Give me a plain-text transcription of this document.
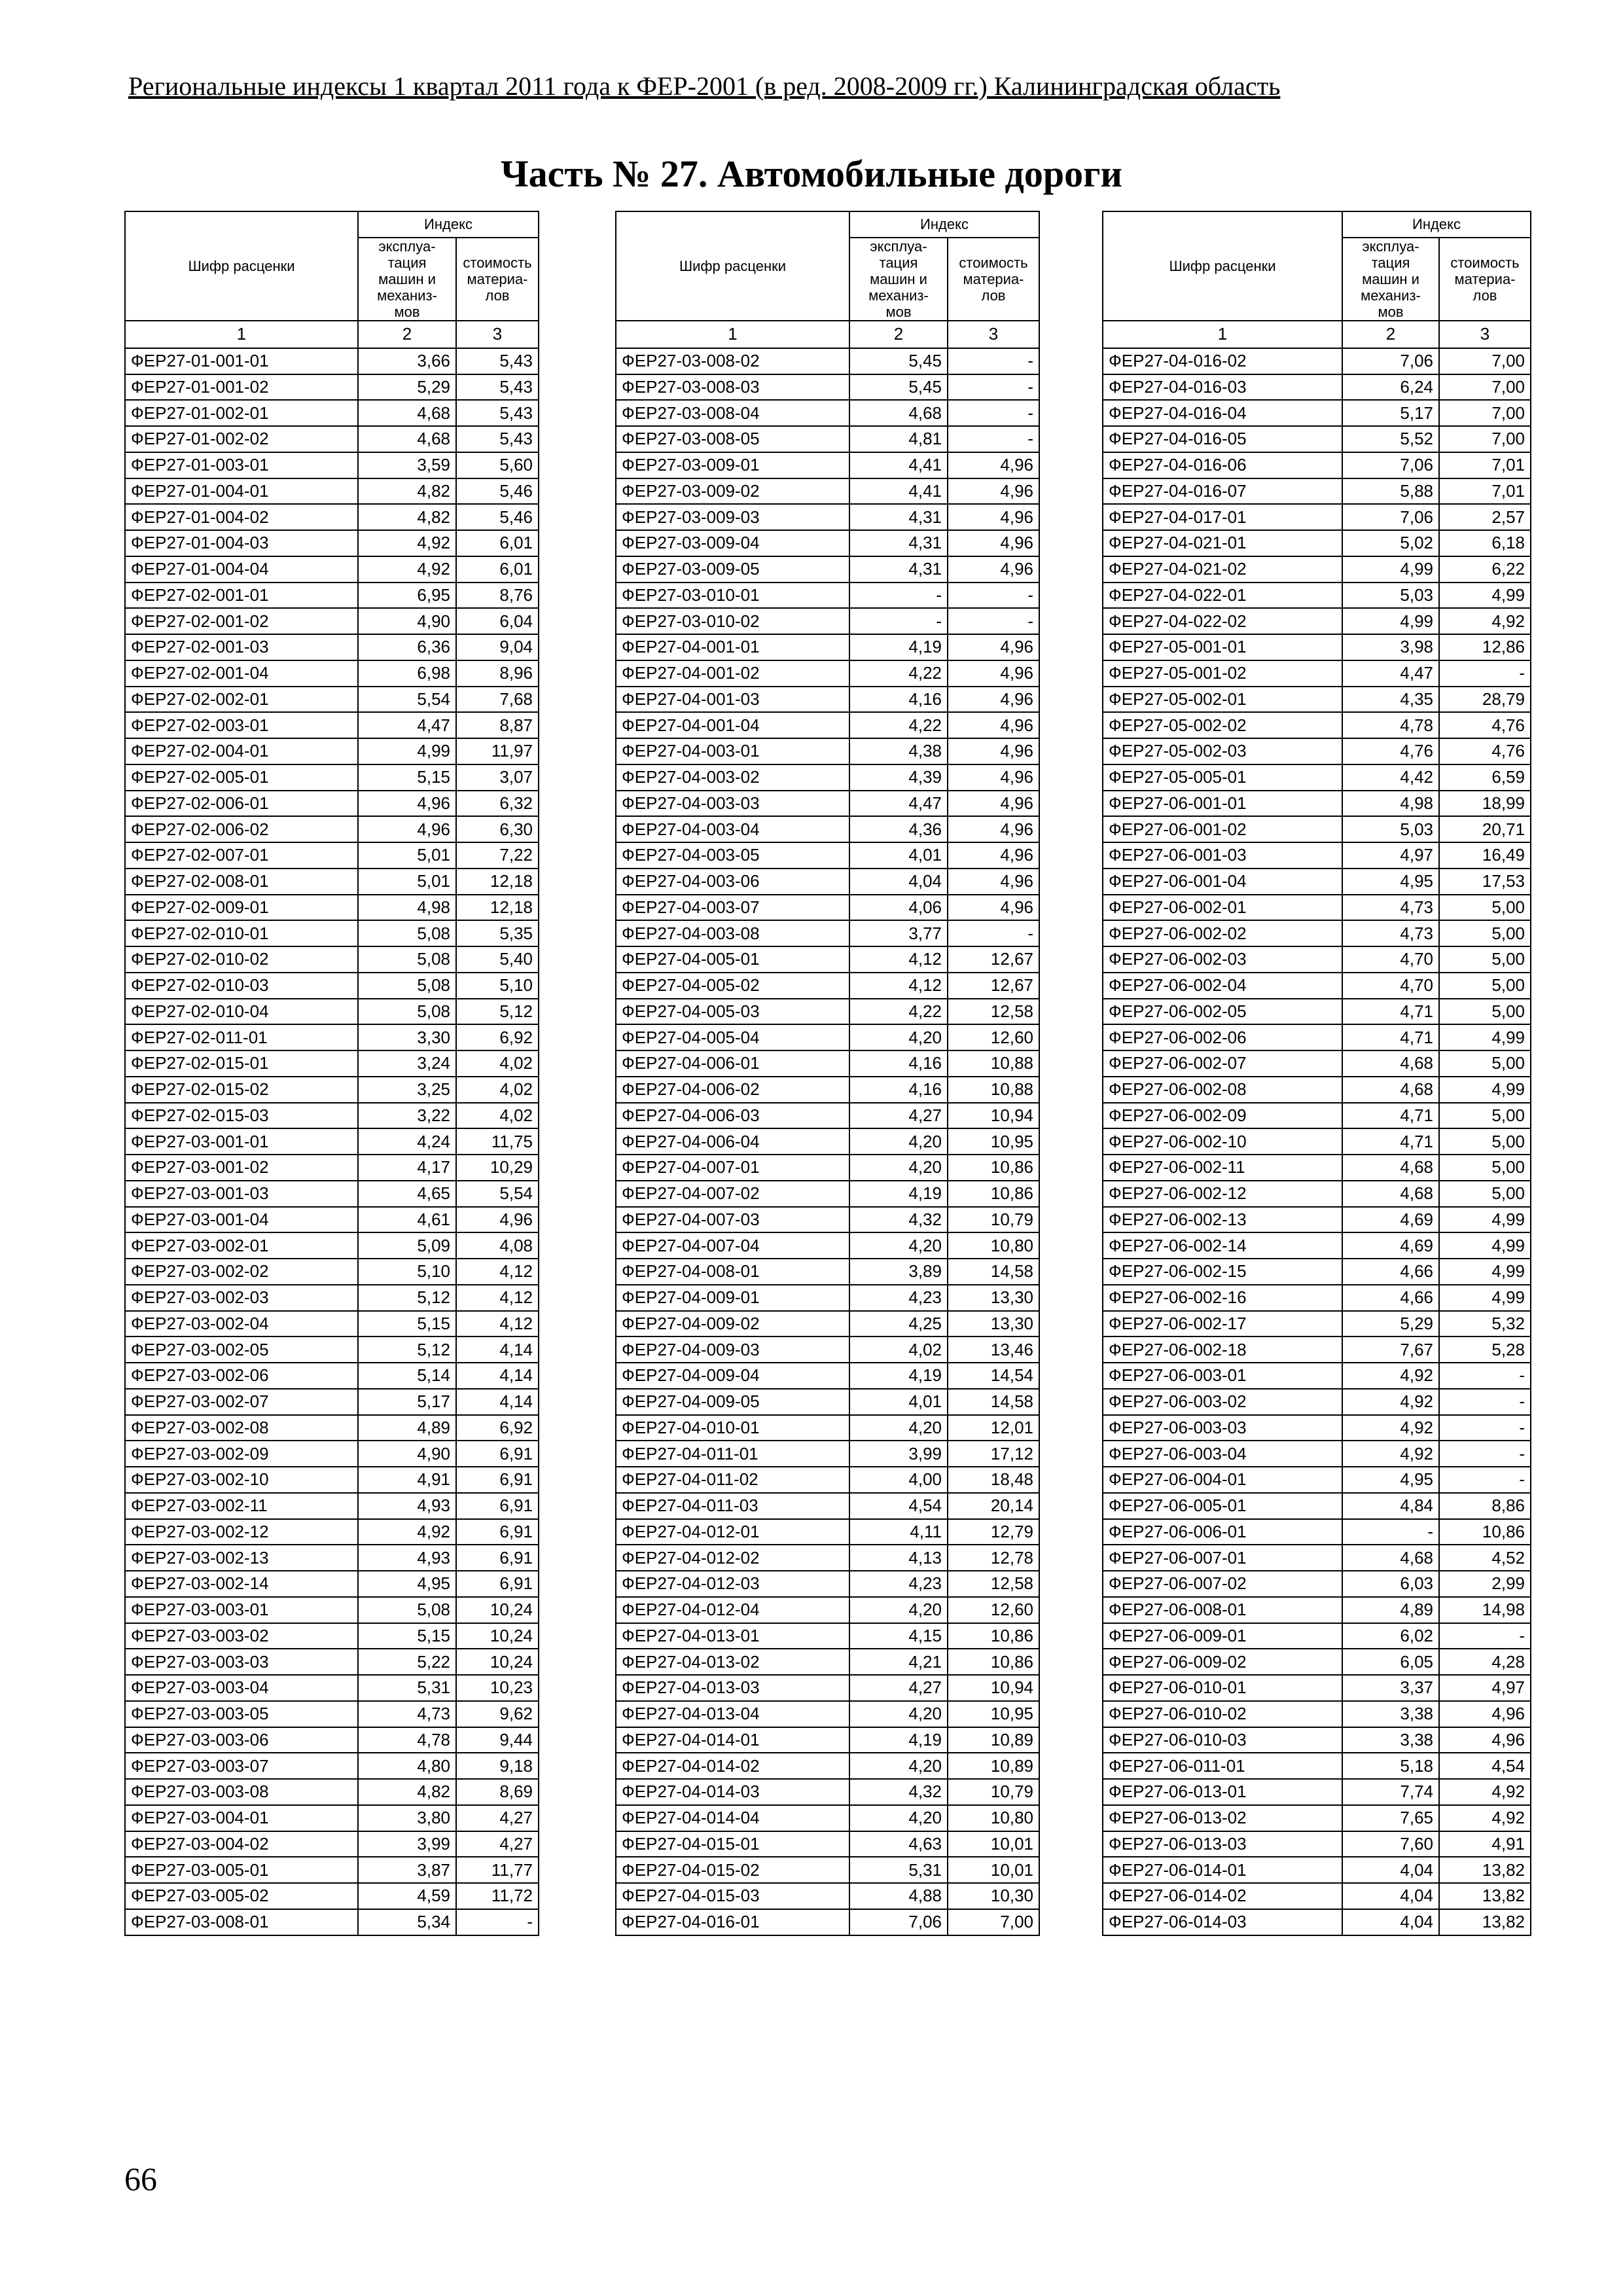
Региональные индексы 1 квартал 2011 года к ФЕР-2001 (в ред. 2008-2009 гг.) Калининградская область
Часть № 27. Автомобильные дороги
Шифр расценки	Индекс	
	эксплуа-
тация
машин и
механиз-
мов	стоимость
материа-
лов
1	2	3
ФЕР27-01-001-01	3,66	5,43
ФЕР27-01-001-02	5,29	5,43
ФЕР27-01-002-01	4,68	5,43
ФЕР27-01-002-02	4,68	5,43
ФЕР27-01-003-01	3,59	5,60
ФЕР27-01-004-01	4,82	5,46
ФЕР27-01-004-02	4,82	5,46
ФЕР27-01-004-03	4,92	6,01
ФЕР27-01-004-04	4,92	6,01
ФЕР27-02-001-01	6,95	8,76
ФЕР27-02-001-02	4,90	6,04
ФЕР27-02-001-03	6,36	9,04
ФЕР27-02-001-04	6,98	8,96
ФЕР27-02-002-01	5,54	7,68
ФЕР27-02-003-01	4,47	8,87
ФЕР27-02-004-01	4,99	11,97
ФЕР27-02-005-01	5,15	3,07
ФЕР27-02-006-01	4,96	6,32
ФЕР27-02-006-02	4,96	6,30
ФЕР27-02-007-01	5,01	7,22
ФЕР27-02-008-01	5,01	12,18
ФЕР27-02-009-01	4,98	12,18
ФЕР27-02-010-01	5,08	5,35
ФЕР27-02-010-02	5,08	5,40
ФЕР27-02-010-03	5,08	5,10
ФЕР27-02-010-04	5,08	5,12
ФЕР27-02-011-01	3,30	6,92
ФЕР27-02-015-01	3,24	4,02
ФЕР27-02-015-02	3,25	4,02
ФЕР27-02-015-03	3,22	4,02
ФЕР27-03-001-01	4,24	11,75
ФЕР27-03-001-02	4,17	10,29
ФЕР27-03-001-03	4,65	5,54
ФЕР27-03-001-04	4,61	4,96
ФЕР27-03-002-01	5,09	4,08
ФЕР27-03-002-02	5,10	4,12
ФЕР27-03-002-03	5,12	4,12
ФЕР27-03-002-04	5,15	4,12
ФЕР27-03-002-05	5,12	4,14
ФЕР27-03-002-06	5,14	4,14
ФЕР27-03-002-07	5,17	4,14
ФЕР27-03-002-08	4,89	6,92
ФЕР27-03-002-09	4,90	6,91
ФЕР27-03-002-10	4,91	6,91
ФЕР27-03-002-11	4,93	6,91
ФЕР27-03-002-12	4,92	6,91
ФЕР27-03-002-13	4,93	6,91
ФЕР27-03-002-14	4,95	6,91
ФЕР27-03-003-01	5,08	10,24
ФЕР27-03-003-02	5,15	10,24
ФЕР27-03-003-03	5,22	10,24
ФЕР27-03-003-04	5,31	10,23
ФЕР27-03-003-05	4,73	9,62
ФЕР27-03-003-06	4,78	9,44
ФЕР27-03-003-07	4,80	9,18
ФЕР27-03-003-08	4,82	8,69
ФЕР27-03-004-01	3,80	4,27
ФЕР27-03-004-02	3,99	4,27
ФЕР27-03-005-01	3,87	11,77
ФЕР27-03-005-02	4,59	11,72
ФЕР27-03-008-01	5,34	-
Шифр расценки	Индекс	
	эксплуа-
тация
машин и
механиз-
мов	стоимость
материа-
лов
1	2	3
ФЕР27-03-008-02	5,45	-
ФЕР27-03-008-03	5,45	-
ФЕР27-03-008-04	4,68	-
ФЕР27-03-008-05	4,81	-
ФЕР27-03-009-01	4,41	4,96
ФЕР27-03-009-02	4,41	4,96
ФЕР27-03-009-03	4,31	4,96
ФЕР27-03-009-04	4,31	4,96
ФЕР27-03-009-05	4,31	4,96
ФЕР27-03-010-01	-	-
ФЕР27-03-010-02	-	-
ФЕР27-04-001-01	4,19	4,96
ФЕР27-04-001-02	4,22	4,96
ФЕР27-04-001-03	4,16	4,96
ФЕР27-04-001-04	4,22	4,96
ФЕР27-04-003-01	4,38	4,96
ФЕР27-04-003-02	4,39	4,96
ФЕР27-04-003-03	4,47	4,96
ФЕР27-04-003-04	4,36	4,96
ФЕР27-04-003-05	4,01	4,96
ФЕР27-04-003-06	4,04	4,96
ФЕР27-04-003-07	4,06	4,96
ФЕР27-04-003-08	3,77	-
ФЕР27-04-005-01	4,12	12,67
ФЕР27-04-005-02	4,12	12,67
ФЕР27-04-005-03	4,22	12,58
ФЕР27-04-005-04	4,20	12,60
ФЕР27-04-006-01	4,16	10,88
ФЕР27-04-006-02	4,16	10,88
ФЕР27-04-006-03	4,27	10,94
ФЕР27-04-006-04	4,20	10,95
ФЕР27-04-007-01	4,20	10,86
ФЕР27-04-007-02	4,19	10,86
ФЕР27-04-007-03	4,32	10,79
ФЕР27-04-007-04	4,20	10,80
ФЕР27-04-008-01	3,89	14,58
ФЕР27-04-009-01	4,23	13,30
ФЕР27-04-009-02	4,25	13,30
ФЕР27-04-009-03	4,02	13,46
ФЕР27-04-009-04	4,19	14,54
ФЕР27-04-009-05	4,01	14,58
ФЕР27-04-010-01	4,20	12,01
ФЕР27-04-011-01	3,99	17,12
ФЕР27-04-011-02	4,00	18,48
ФЕР27-04-011-03	4,54	20,14
ФЕР27-04-012-01	4,11	12,79
ФЕР27-04-012-02	4,13	12,78
ФЕР27-04-012-03	4,23	12,58
ФЕР27-04-012-04	4,20	12,60
ФЕР27-04-013-01	4,15	10,86
ФЕР27-04-013-02	4,21	10,86
ФЕР27-04-013-03	4,27	10,94
ФЕР27-04-013-04	4,20	10,95
ФЕР27-04-014-01	4,19	10,89
ФЕР27-04-014-02	4,20	10,89
ФЕР27-04-014-03	4,32	10,79
ФЕР27-04-014-04	4,20	10,80
ФЕР27-04-015-01	4,63	10,01
ФЕР27-04-015-02	5,31	10,01
ФЕР27-04-015-03	4,88	10,30
ФЕР27-04-016-01	7,06	7,00
Шифр расценки	Индекс	
	эксплуа-
тация
машин и
механиз-
мов	стоимость
материа-
лов
1	2	3
ФЕР27-04-016-02	7,06	7,00
ФЕР27-04-016-03	6,24	7,00
ФЕР27-04-016-04	5,17	7,00
ФЕР27-04-016-05	5,52	7,00
ФЕР27-04-016-06	7,06	7,01
ФЕР27-04-016-07	5,88	7,01
ФЕР27-04-017-01	7,06	2,57
ФЕР27-04-021-01	5,02	6,18
ФЕР27-04-021-02	4,99	6,22
ФЕР27-04-022-01	5,03	4,99
ФЕР27-04-022-02	4,99	4,92
ФЕР27-05-001-01	3,98	12,86
ФЕР27-05-001-02	4,47	-
ФЕР27-05-002-01	4,35	28,79
ФЕР27-05-002-02	4,78	4,76
ФЕР27-05-002-03	4,76	4,76
ФЕР27-05-005-01	4,42	6,59
ФЕР27-06-001-01	4,98	18,99
ФЕР27-06-001-02	5,03	20,71
ФЕР27-06-001-03	4,97	16,49
ФЕР27-06-001-04	4,95	17,53
ФЕР27-06-002-01	4,73	5,00
ФЕР27-06-002-02	4,73	5,00
ФЕР27-06-002-03	4,70	5,00
ФЕР27-06-002-04	4,70	5,00
ФЕР27-06-002-05	4,71	5,00
ФЕР27-06-002-06	4,71	4,99
ФЕР27-06-002-07	4,68	5,00
ФЕР27-06-002-08	4,68	4,99
ФЕР27-06-002-09	4,71	5,00
ФЕР27-06-002-10	4,71	5,00
ФЕР27-06-002-11	4,68	5,00
ФЕР27-06-002-12	4,68	5,00
ФЕР27-06-002-13	4,69	4,99
ФЕР27-06-002-14	4,69	4,99
ФЕР27-06-002-15	4,66	4,99
ФЕР27-06-002-16	4,66	4,99
ФЕР27-06-002-17	5,29	5,32
ФЕР27-06-002-18	7,67	5,28
ФЕР27-06-003-01	4,92	-
ФЕР27-06-003-02	4,92	-
ФЕР27-06-003-03	4,92	-
ФЕР27-06-003-04	4,92	-
ФЕР27-06-004-01	4,95	-
ФЕР27-06-005-01	4,84	8,86
ФЕР27-06-006-01	-	10,86
ФЕР27-06-007-01	4,68	4,52
ФЕР27-06-007-02	6,03	2,99
ФЕР27-06-008-01	4,89	14,98
ФЕР27-06-009-01	6,02	-
ФЕР27-06-009-02	6,05	4,28
ФЕР27-06-010-01	3,37	4,97
ФЕР27-06-010-02	3,38	4,96
ФЕР27-06-010-03	3,38	4,96
ФЕР27-06-011-01	5,18	4,54
ФЕР27-06-013-01	7,74	4,92
ФЕР27-06-013-02	7,65	4,92
ФЕР27-06-013-03	7,60	4,91
ФЕР27-06-014-01	4,04	13,82
ФЕР27-06-014-02	4,04	13,82
ФЕР27-06-014-03	4,04	13,82
66
